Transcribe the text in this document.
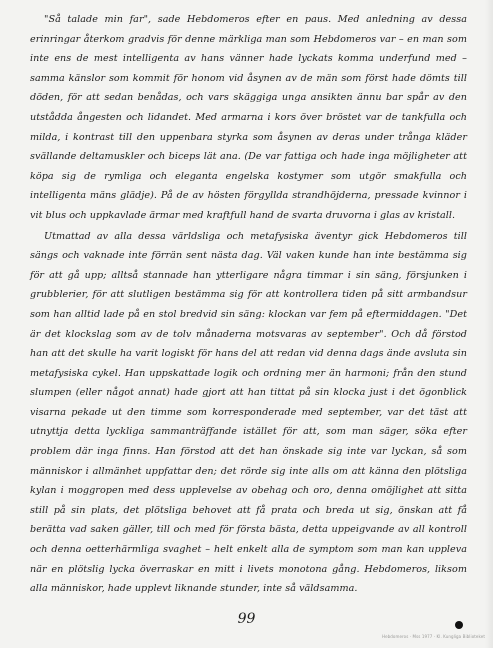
"Så talade min far", sade Hebdomeros efter en paus. Med anledning av dessa erinringar återkom gradvis för denne märkliga man som Hebdomeros var – en man som inte ens de mest intelligenta av hans vänner hade lyckats komma underfund med – samma känslor som kommit för honom vid åsynen av de män som först hade dömts till döden, för att sedan benådas, och vars skäggiga unga ansikten ännu bar spår av den utstådda ångesten och lidandet. Med armarna i kors över bröstet var de tankfulla och milda, i kontrast till den uppenbara styrka som åsynen av deras under trånga kläder svällande deltamuskler och biceps lät ana. (De var fattiga och hade inga möjligheter att köpa sig de rymliga och eleganta engelska kostymer som utgör smakfulla och intelligenta mäns glädje). På de av hösten förgyllda strandhöjderna, pressade kvinnor i vit blus och uppkavlade ärmar med kraftfull hand de svarta druvorna i glas av kristall.

Utmattad av alla dessa världsliga och metafysiska äventyr gick Hebdomeros till sängs och vaknade inte förrän sent nästa dag. Väl vaken kunde han inte bestämma sig för att gå upp; alltså stannade han ytterligare några timmar i sin säng, försjunken i grubblerier, för att slutligen bestämma sig för att kontrollera tiden på sitt armbandsur som han alltid lade på en stol bredvid sin säng: klockan var fem på eftermiddagen. "Det är det klockslag som av de tolv månaderna motsvaras av september". Och då förstod han att det skulle ha varit logiskt för hans del att redan vid denna dags ände avsluta sin metafysiska cykel. Han uppskattade logik och ordning mer än harmoni; från den stund slumpen (eller något annat) hade gjort att han tittat på sin klocka just i det ögonblick visarna pekade ut den timme som korresponderade med september, var det täst att utnyttja detta lyckliga sammanträffande istället för att, som man säger, söka efter problem där inga finns. Han förstod att det han önskade sig inte var lyckan, så som människor i allmänhet uppfattar den; det rörde sig inte alls om att känna den plötsliga kylan i moggropen med dess upplevelse av obehag och oro, denna omöjlighet att sitta still på sin plats, det plötsliga behovet att få prata och breda ut sig, önskan att få berätta vad saken gäller, till och med för första bästa, detta uppeigvande av all kontroll och denna oetterhärmliga svaghet – helt enkelt alla de symptom som man kan uppleva när en plötslig lycka överraskar en mitt i livets monotona gång. Hebdomeros, liksom alla människor, hade upplevt liknande stunder, inte så väldsamma.

99
Hebdomeros · Mss 1977 · Kl. Kungliga Biblioteket
